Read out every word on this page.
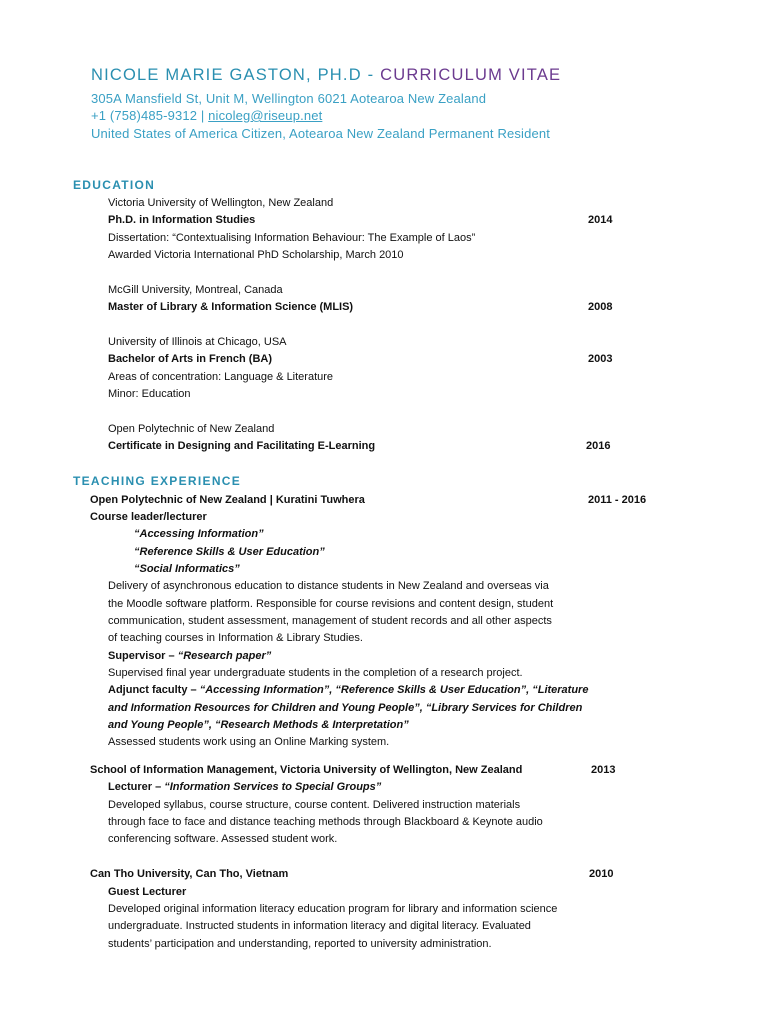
NICOLE MARIE GASTON, PH.D - CURRICULUM VITAE
305A Mansfield St, Unit M, Wellington 6021 Aotearoa New Zealand
+1 (758)485-9312 | nicoleg@riseup.net
United States of America Citizen, Aotearoa New Zealand Permanent Resident
EDUCATION
Victoria University of Wellington, New Zealand
Ph.D. in Information Studies	2014
Dissertation: “Contextualising Information Behaviour: The Example of Laos”
Awarded Victoria International PhD Scholarship, March 2010
McGill University, Montreal, Canada
Master of Library & Information Science (MLIS)	2008
University of Illinois at Chicago, USA
Bachelor of Arts in French (BA)	2003
Areas of concentration: Language & Literature
Minor: Education
Open Polytechnic of New Zealand
Certificate in Designing and Facilitating E-Learning	2016
TEACHING EXPERIENCE
Open Polytechnic of New Zealand | Kuratini Tuwhera	2011 - 2016
Course leader/lecturer
“Accessing Information”
“Reference Skills & User Education”
“Social Informatics”
Delivery of asynchronous education to distance students in New Zealand and overseas via
the Moodle software platform. Responsible for course revisions and content design, student
communication, student assessment, management of student records and all other aspects
of teaching courses in Information & Library Studies.
Supervisor – “Research paper”
Supervised final year undergraduate students in the completion of a research project.
Adjunct faculty – “Accessing Information”, “Reference Skills & User Education”, “Literature
and Information Resources for Children and Young People”, “Library Services for Children
and Young People”, “Research Methods & Interpretation”
Assessed students work using an Online Marking system.
School of Information Management, Victoria University of Wellington, New Zealand	2013
Lecturer – “Information Services to Special Groups”
Developed syllabus, course structure, course content. Delivered instruction materials
through face to face and distance teaching methods through Blackboard & Keynote audio
conferencing software. Assessed student work.
Can Tho University, Can Tho, Vietnam	2010
Guest Lecturer
Developed original information literacy education program for library and information science
undergraduate. Instructed students in information literacy and digital literacy. Evaluated
students’ participation and understanding, reported to university administration.
